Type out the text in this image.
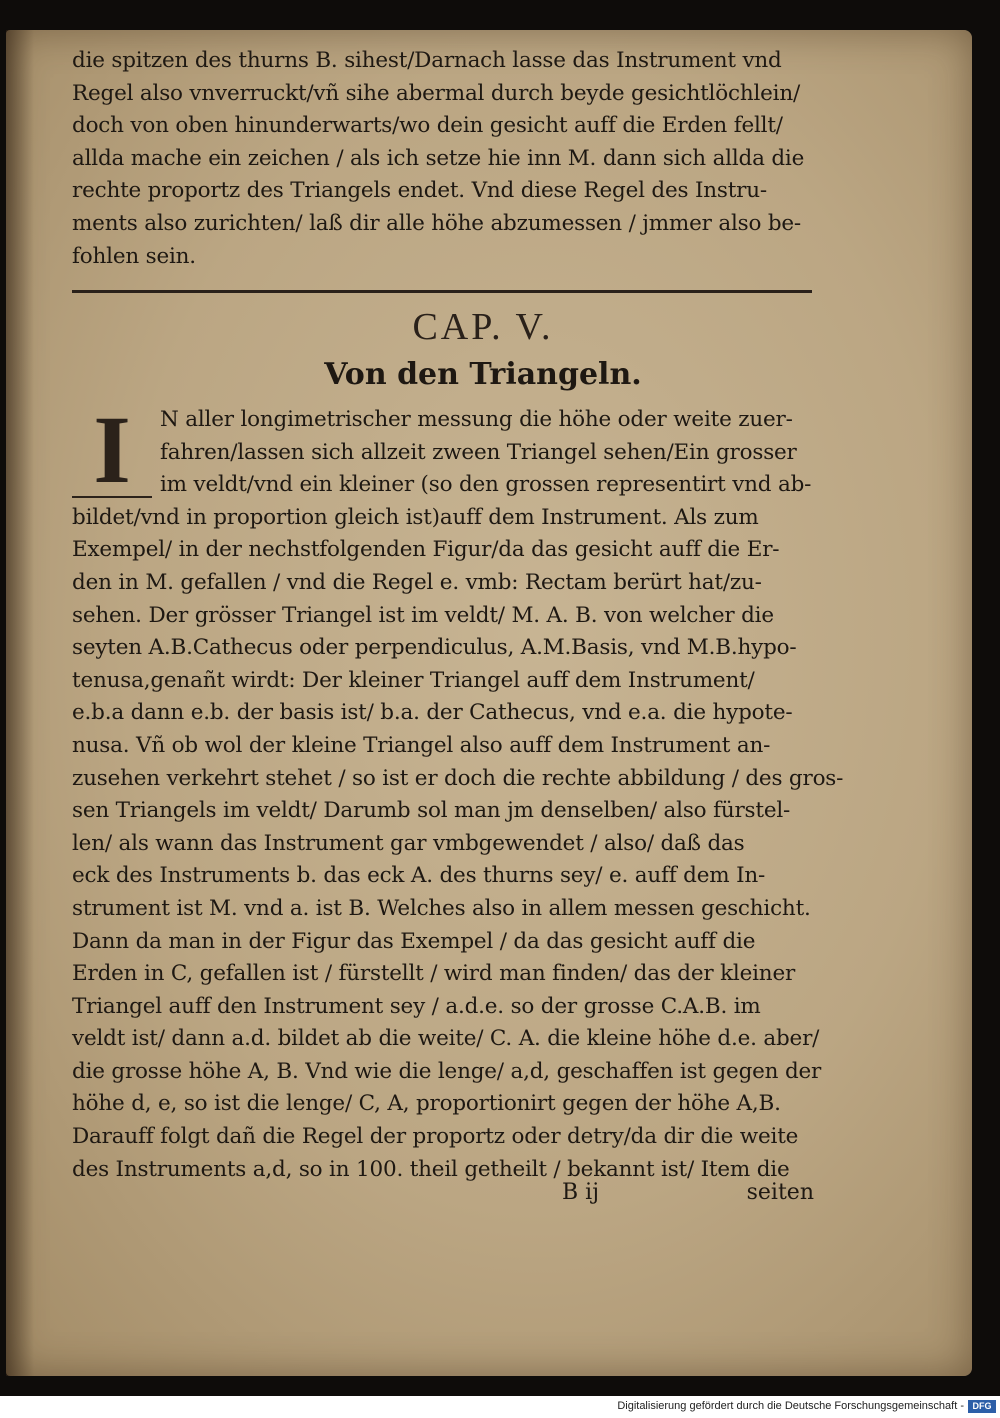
die spitzen des thurns B. sihest/Darnach lasse das Instrument vnd
Regel also vnverruckt/vñ sihe abermal durch beyde gesichtlöchlein/
doch von oben hinunderwarts/wo dein gesicht auff die Erden fellt/
allda mache ein zeichen / als ich setze hie inn M. dann sich allda die
rechte proportz des Triangels endet. Vnd diese Regel des Instru-
ments also zurichten/ laß dir alle höhe abzumessen / jmmer also be-
fohlen sein.
CAP. V.
Von den Triangeln.
I	N aller longimetrischer messung die höhe oder weite zuer-
fahren/lassen sich allzeit zween Triangel sehen/Ein grosser
im veldt/vnd ein kleiner (so den grossen representirt vnd ab-
bildet/vnd in proportion gleich ist)auff dem Instrument. Als zum
Exempel/ in der nechstfolgenden Figur/da das gesicht auff die Er-
den in M. gefallen / vnd die Regel e. vmb: Rectam berürt hat/zu-
sehen. Der grösser Triangel ist im veldt/ M. A. B. von welcher die
seyten A.B.Cathecus oder perpendiculus, A.M.Basis, vnd M.B.hypo-
tenusa,genañt wirdt: Der kleiner Triangel auff dem Instrument/
e.b.a dann e.b. der basis ist/ b.a. der Cathecus, vnd e.a. die hypote-
nusa. Vñ ob wol der kleine Triangel also auff dem Instrument an-
zusehen verkehrt stehet / so ist er doch die rechte abbildung / des gros-
sen Triangels im veldt/ Darumb sol man jm denselben/ also fürstel-
len/ als wann das Instrument gar vmbgewendet / also/ daß das
eck des Instruments b. das eck A. des thurns sey/ e. auff dem In-
strument ist M. vnd a. ist B. Welches also in allem messen geschicht.
Dann da man in der Figur das Exempel / da das gesicht auff die
Erden in C, gefallen ist / fürstellt / wird man finden/ das der kleiner
Triangel auff den Instrument sey / a.d.e. so der grosse C.A.B. im
veldt ist/ dann a.d. bildet ab die weite/ C. A. die kleine höhe d.e. aber/
die grosse höhe A, B. Vnd wie die lenge/ a,d, geschaffen ist gegen der
höhe d, e, so ist die lenge/ C, A, proportionirt gegen der höhe A,B.
Darauff folgt dañ die Regel der proportz oder detry/da dir die weite
des Instruments a,d, so in 100. theil getheilt / bekannt ist/ Item die
B ij	seiten
Digitalisierung gefördert durch die Deutsche Forschungsgemeinschaft - DFG
